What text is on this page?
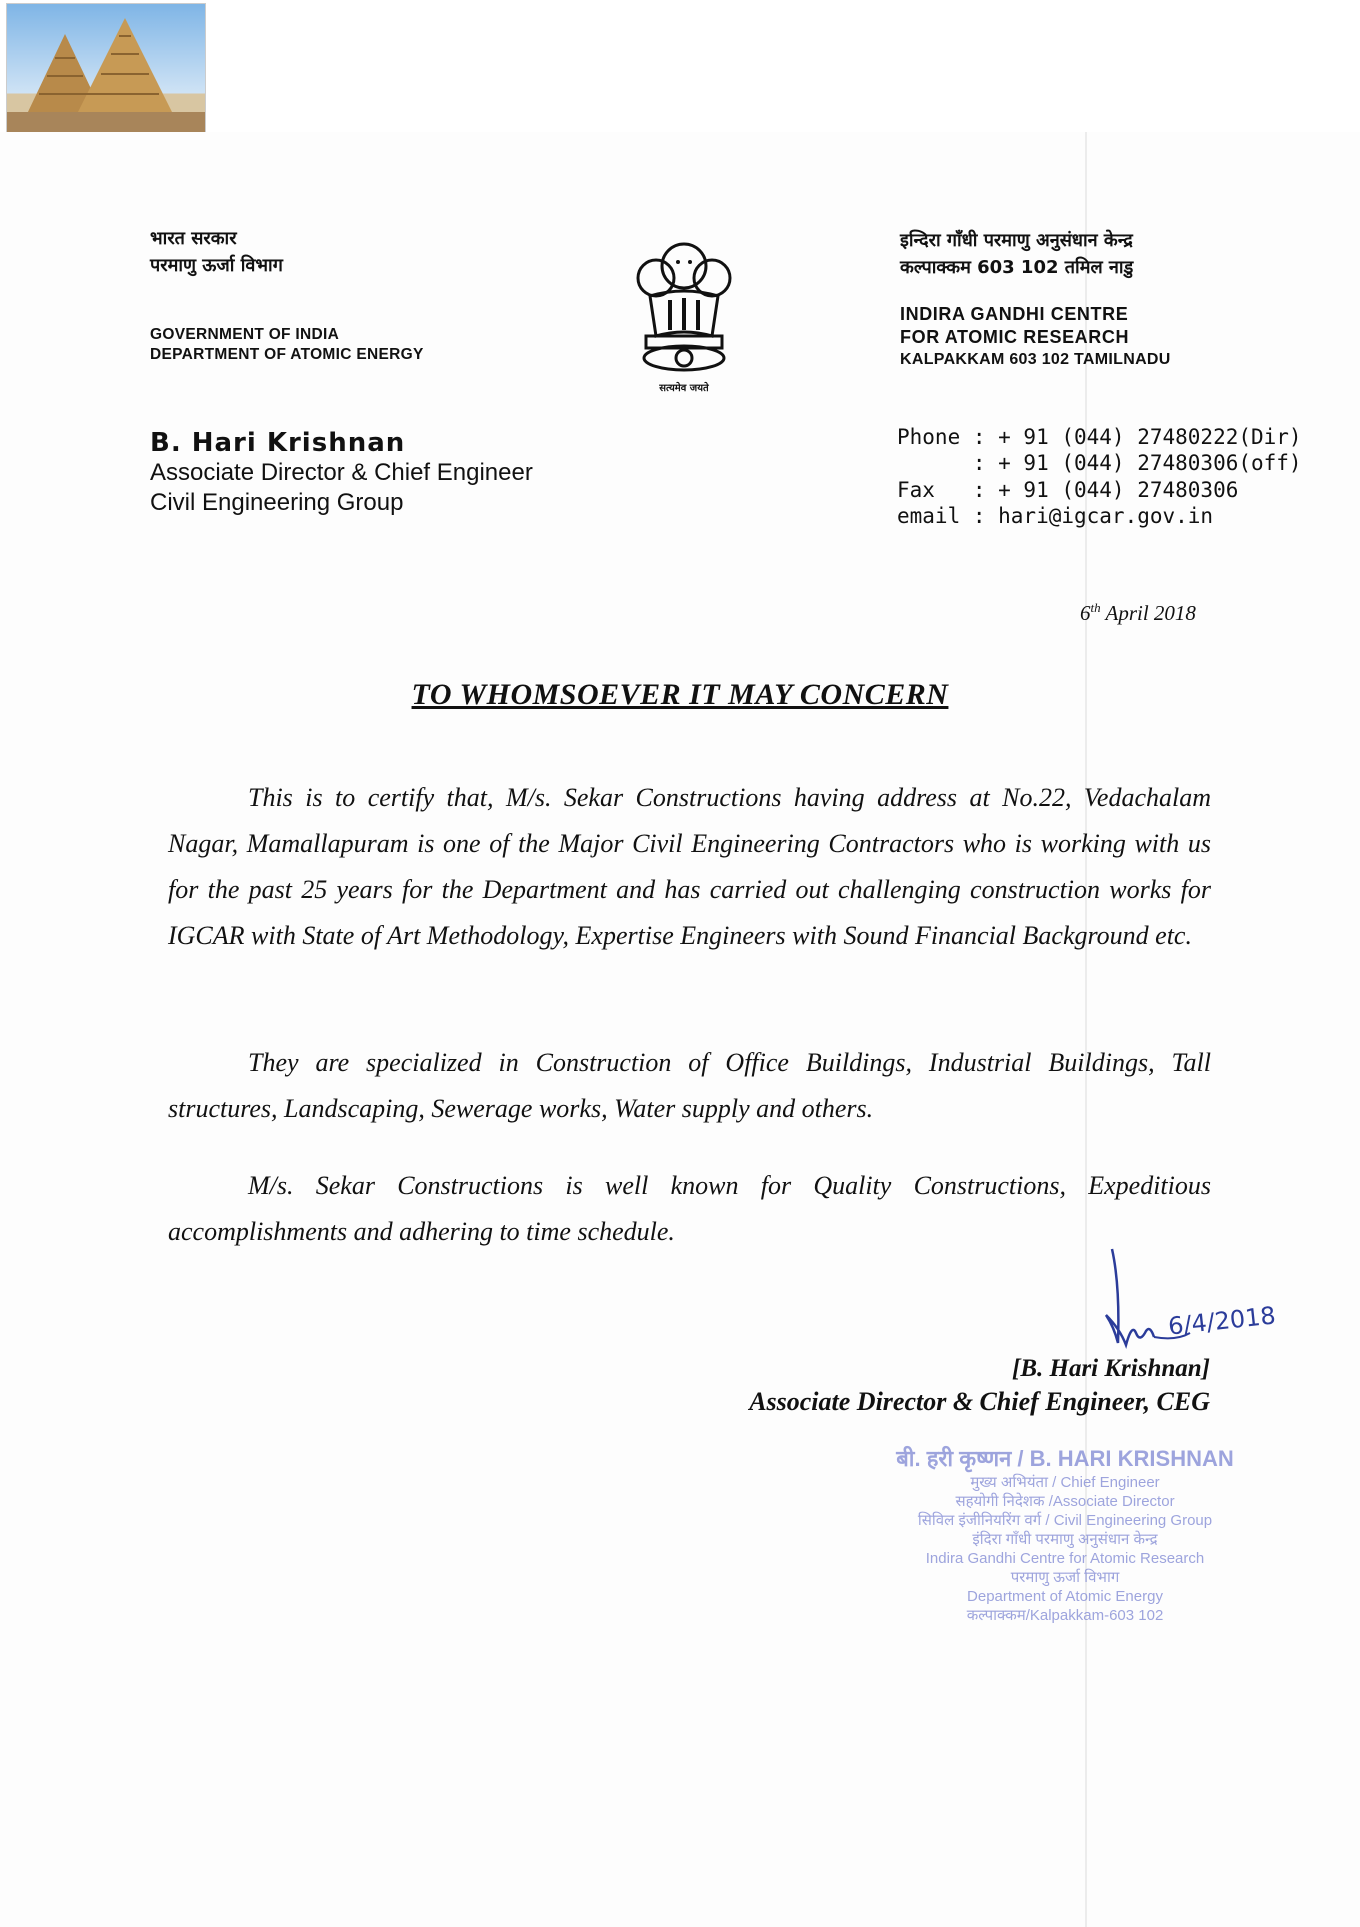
भारत सरकार
परमाणु ऊर्जा विभाग
GOVERNMENT OF INDIA
DEPARTMENT OF ATOMIC ENERGY
सत्यमेव जयते
इन्दिरा गाँधी परमाणु अनुसंधान केन्द्र
कल्पाक्कम 603 102 तमिल नाडु
INDIRA GANDHI CENTRE
FOR ATOMIC RESEARCH
KALPAKKAM 603 102 TAMILNADU
B. Hari Krishnan
Associate Director & Chief Engineer
Civil Engineering Group
Phone : + 91 (044) 27480222(Dir)
: + 91 (044) 27480306(off)
Fax   : + 91 (044) 27480306
email : hari@igcar.gov.in
6th April 2018
TO WHOMSOEVER IT MAY CONCERN
This is to certify that, M/s. Sekar Constructions having address at No.22, Vedachalam Nagar, Mamallapuram is one of the Major Civil Engineering Contractors who is working with us for the past 25 years for the Department and has carried out challenging construction works for IGCAR with State of Art Methodology, Expertise Engineers with Sound Financial Background etc.
They are specialized in Construction of Office Buildings, Industrial Buildings, Tall structures, Landscaping, Sewerage works, Water supply and others.
M/s. Sekar Constructions is well known for Quality Constructions, Expeditious accomplishments and adhering to time schedule.
6/4/2018
[B. Hari Krishnan]
Associate Director & Chief Engineer, CEG
बी. हरी कृष्णन / B. HARI KRISHNAN
मुख्य अभियंता / Chief Engineer
सहयोगी निदेशक /Associate Director
सिविल इंजीनियरिंग वर्ग / Civil Engineering Group
इंदिरा गाँधी परमाणु अनुसंधान केन्द्र
Indira Gandhi Centre for Atomic Research
परमाणु ऊर्जा विभाग
Department of Atomic Energy
कल्पाक्कम/Kalpakkam-603 102
